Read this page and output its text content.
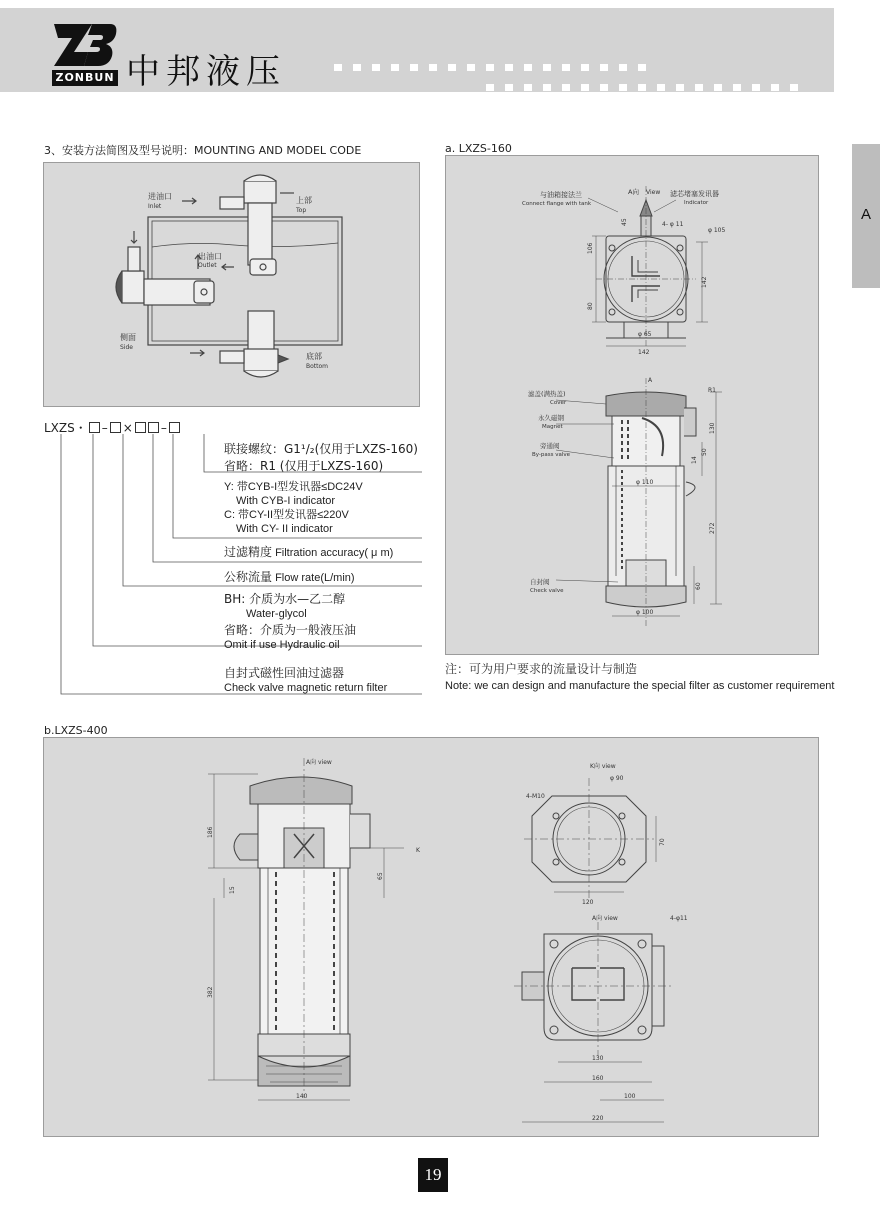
ZONBUN 中邦液压
A
3、安装方法简图及型号说明：MOUNTING AND MODEL CODE
进油口
Inlet
上部
Top
出油口
Outlet
侧面
Side
底部
Bottom
LXZS・ – × –
联接螺纹：G1¹/₂(仅用于LXZS-160)
省略：R1 (仅用于LXZS-160)
Y: 带CYB-I型发讯器≤DC24V
With CYB-I indicator
C: 带CY-II型发讯器≤220V
With CY- II indicator
过滤精度 Filtration accuracy( μ m)
公称流量 Flow rate(L/min)
BH: 介质为水—乙二醇
Water-glycol
省略：介质为一般液压油
Omit if use Hydraulic oil
自封式磁性回油过滤器
Check valve magnetic return filter
a. LXZS-160
与油箱接法兰
Connect flange with tank
A向 View 滤芯堵塞发讯器
Indicator
4- φ 11
φ 105
106
45
80
142
φ 65
142
A
R1
滤盖(满热盖)
Cover
永久磁钢
Magnet
旁通阀
By-pass valve
自封阀
Check valve
130
14
50
272
60
φ 110
φ 100
注：可为用户要求的流量设计与制造
Note: we can design and manufacture the special filter as customer requirement
b.LXZS-400
A向 view
K向 view
φ 90
4-M10
70
120
A向 view	4-φ11
130
160
100
220
186
15
382
65
140
K
19
